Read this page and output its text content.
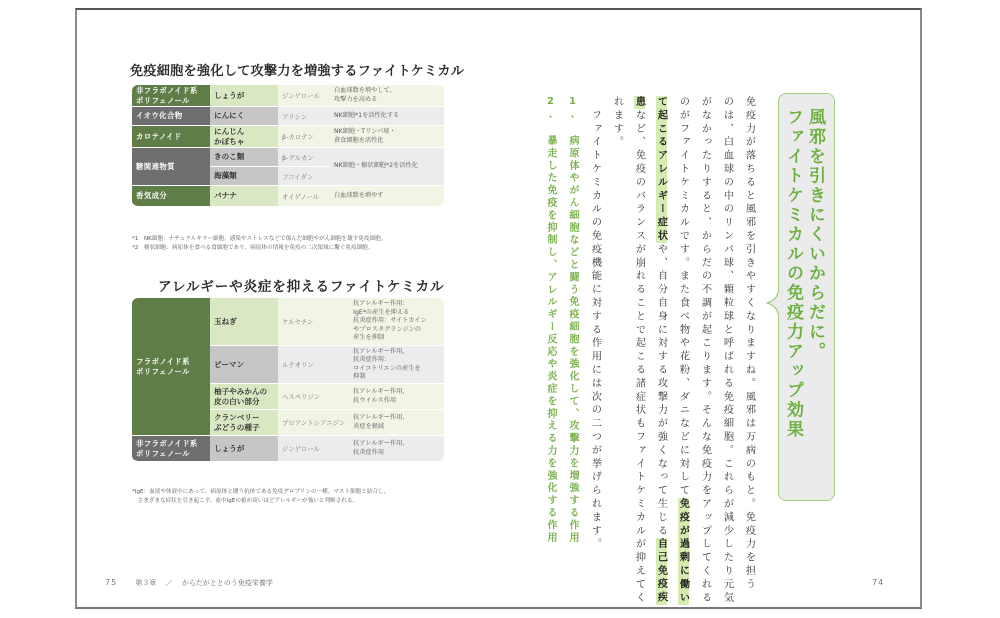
免疫細胞を強化して攻撃力を増強するファイトケミカル
非フラボノイド系
ポリフェノール	しょうが	ジンゲロール	白血球数を増やして、
攻撃力を高める
イオウ化合物	にんにく	アリシン	NK細胞*1を活性化する
カロテノイド	にんじん
かぼちゃ	β-カロテン	NK細胞・Tリンパ球・
貪食細胞を活性化
糖関連物質	きのこ類	β-グルカン	NK細胞・樹状細胞*2を活性化
	海藻類	フコイダン	
香気成分	バナナ	オイゲノール	白血球数を増やす
*1 NK細胞：ナチュラルキラー細胞。感染やストレスなどで傷んだ細胞やがん細胞を壊す免疫細胞。
*2 樹状細胞：病原体を食べる食細胞であり、病原体の情報を免疫の二次領域に繋ぐ免疫細胞。
アレルギーや炎症を抑えるファイトケミカル
フラボノイド系
ポリフェノール	玉ねぎ	ケルセチン	抗アレルギー作用：
IgE*の産生を抑える
抗炎症作用：サイトカイン
やプロスタグランジンの
産生を抑制
	ピーマン	ルテオリン	抗アレルギー作用、
抗炎症作用：
ロイコトリエンの産生を
抑制
	柚子やみかんの
皮の白い部分	ヘスペリジン	抗アレルギー作用、
抗ウイルス作用
	クランベリー
ぶどうの種子	プロアントシアニジン	抗アレルギー作用、
炎症を軽減
非フラボノイド系
ポリフェノール	しょうが	ジンゲロール	抗アレルギー作用、
抗炎症作用
*IgE：血液や体液中にあって、病原体と闘う抗体である免疫グロブリンの一種。マスト細胞と結合し、
　さまざまな症状を引き起こす。血中IgEの値が高いほどアレルギーが強いと判断される。
75	第３章 ／ からだがととのう免疫栄養学
風邪を引きにくいからだに。
ファイトケミカルの免疫力アップ効果
免疫力が落ちると風邪を引きやすくなりますね。風邪は万病のもと。免疫力を担う
のは、白血球の中のリンパ球、顆粒球と呼ばれる免疫細胞。これらが減少したり元気
がなかったりすると、からだの不調が起こります。そんな免疫力をアップしてくれる
のがファイトケミカルです。また食べ物や花粉、ダニなどに対して免疫が過剰に働い
て起こるアレルギー症状や、自分自身に対する攻撃力が強くなって生じる自己免疫疾
患など、免疫のバランスが崩れることで起こる諸症状もファイトケミカルが抑えてく
れます。
　ファイトケミカルの免疫機能に対する作用には次の二つが挙げられます。
1.　病原体やがん細胞などと闘う免疫細胞を強化して、攻撃力を増強する作用
2.　暴走した免疫を抑制し、アレルギー反応や炎症を抑える力を強化する作用
74
